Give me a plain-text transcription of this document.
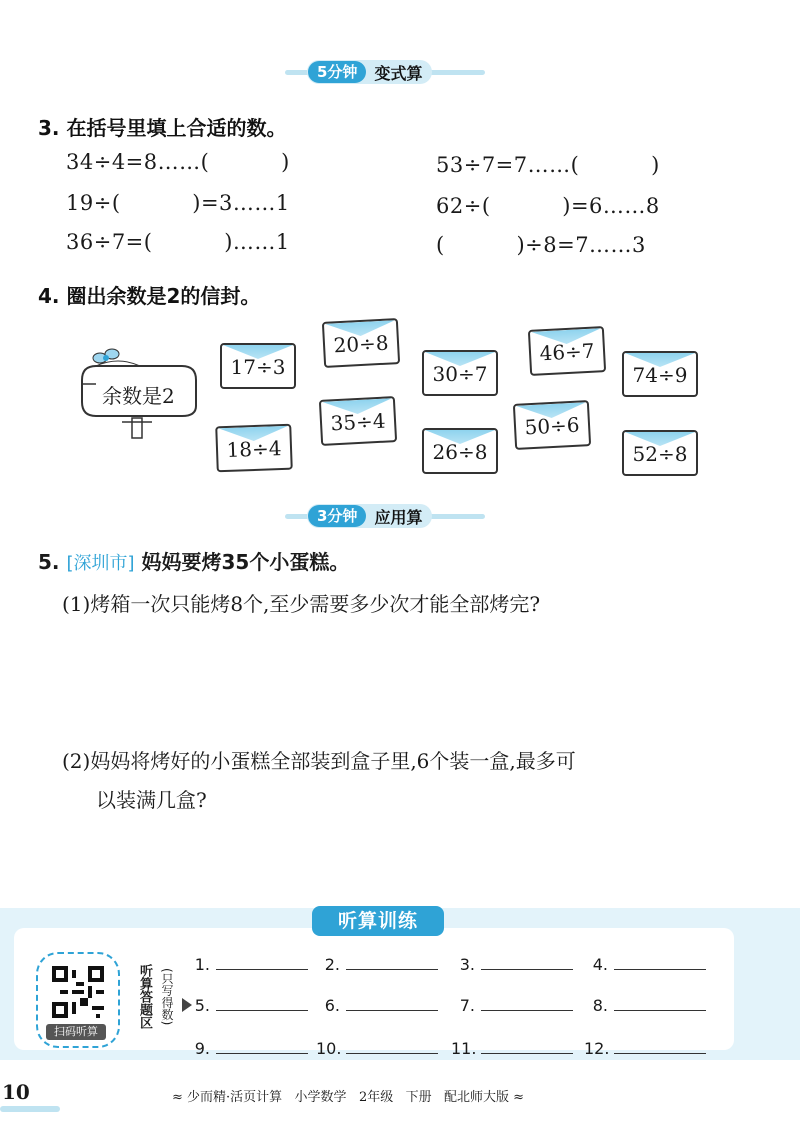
5分钟	变式算
3. 在括号里填上合适的数。
34÷4=8……(          )
19÷(          )=3……1
36÷7=(          )……1
53÷7=7……(          )
62÷(          )=6……8
(          )÷8=7……3
4. 圈出余数是2的信封。
余数是2
17÷3
20÷8
30÷7
46÷7
74÷9
18÷4
35÷4
26÷8
50÷6
52÷8
3分钟	应用算
5. [深圳市] 妈妈要烤35个小蛋糕。
(1)烤箱一次只能烤8个,至少需要多少次才能全部烤完?
(2)妈妈将烤好的小蛋糕全部装到盒子里,6个装一盒,最多可
以装满几盒?
听算训练
扫码听算
听算答题区 (只写得数)
1.	2.	3.	4.
5.	6.	7.	8.
9.	10.	11.	12.
10	≈ 少而精·活页计算   小学数学   2年级   下册   配北师大版 ≈
